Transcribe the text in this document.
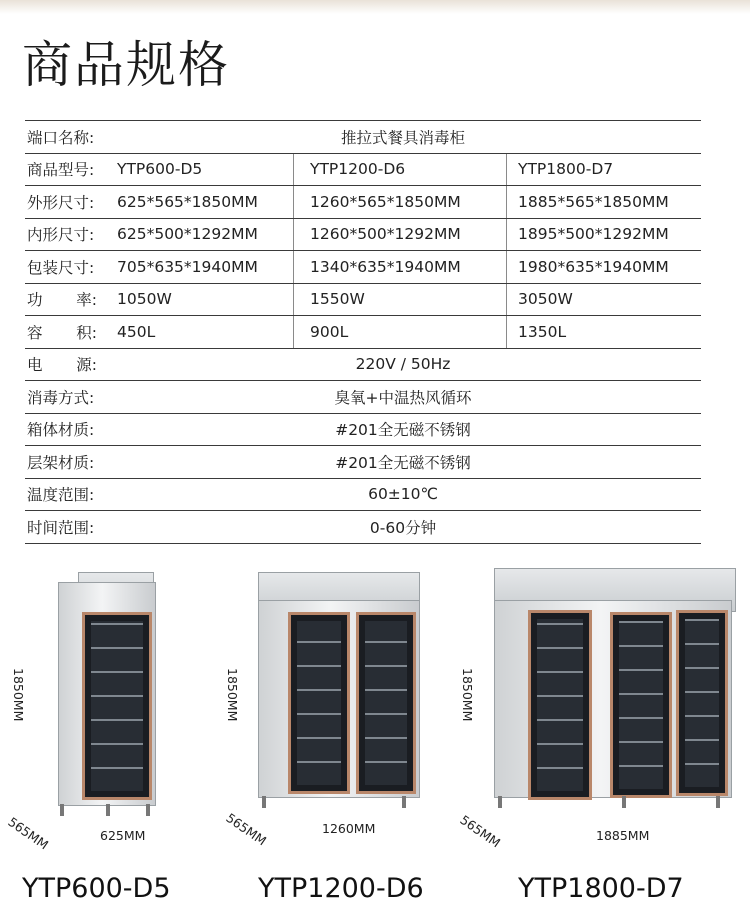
商品规格
端口名称:	推拉式餐具消毒柜
商品型号:	YTP600-D5	YTP1200-D6	YTP1800-D7
外形尺寸:	625*565*1850MM	1260*565*1850MM	1885*565*1850MM
内形尺寸:	625*500*1292MM	1260*500*1292MM	1895*500*1292MM
包装尺寸:	705*635*1940MM	1340*635*1940MM	1980*635*1940MM
功 率: 1050W	1550W	3050W
容 积: 450L	900L	1350L
电 源:	220V / 50Hz
消毒方式:	臭氧+中温热风循环
箱体材质:	#201全无磁不锈钢
层架材质:	#201全无磁不锈钢
温度范围:	60±10℃
时间范围:	0-60分钟
1850MM
565MM	625MM
YTP600-D5
1850MM
565MM	1260MM
YTP1200-D6
1850MM
565MM	1885MM
YTP1800-D7
